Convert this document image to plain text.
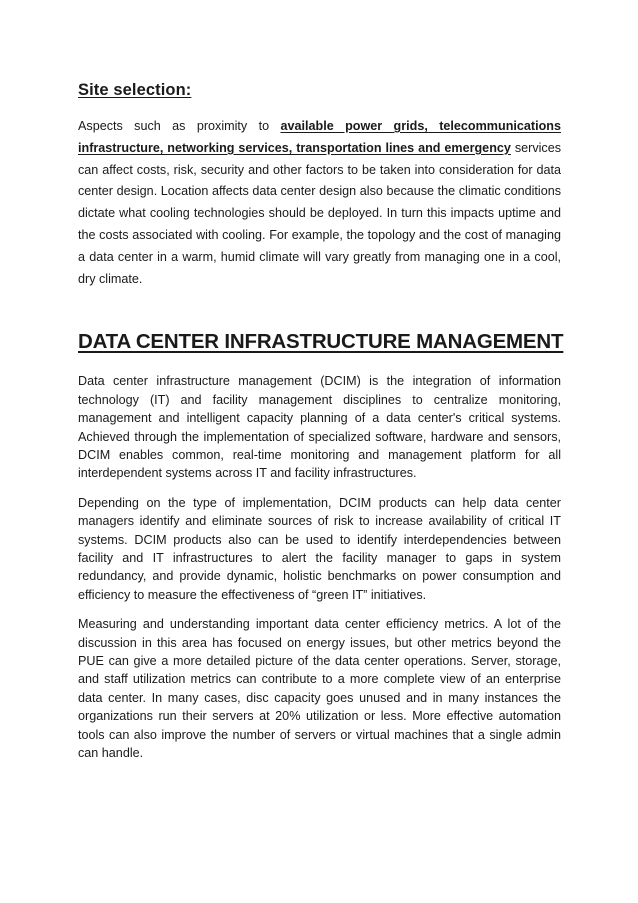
Site selection:

Aspects such as proximity to available power grids, telecommunications infrastructure, networking services, transportation lines and emergency services can affect costs, risk, security and other factors to be taken into consideration for data center design. Location affects data center design also because the climatic conditions dictate what cooling technologies should be deployed. In turn this impacts uptime and the costs associated with cooling. For example, the topology and the cost of managing a data center in a warm, humid climate will vary greatly from managing one in a cool, dry climate.

DATA CENTER INFRASTRUCTURE MANAGEMENT

Data center infrastructure management (DCIM) is the integration of information technology (IT) and facility management disciplines to centralize monitoring, management and intelligent capacity planning of a data center's critical systems. Achieved through the implementation of specialized software, hardware and sensors, DCIM enables common, real-time monitoring and management platform for all interdependent systems across IT and facility infrastructures.

Depending on the type of implementation, DCIM products can help data center managers identify and eliminate sources of risk to increase availability of critical IT systems. DCIM products also can be used to identify interdependencies between facility and IT infrastructures to alert the facility manager to gaps in system redundancy, and provide dynamic, holistic benchmarks on power consumption and efficiency to measure the effectiveness of “green IT” initiatives.

Measuring and understanding important data center efficiency metrics. A lot of the discussion in this area has focused on energy issues, but other metrics beyond the PUE can give a more detailed picture of the data center operations. Server, storage, and staff utilization metrics can contribute to a more complete view of an enterprise data center. In many cases, disc capacity goes unused and in many instances the organizations run their servers at 20% utilization or less. More effective automation tools can also improve the number of servers or virtual machines that a single admin can handle.
